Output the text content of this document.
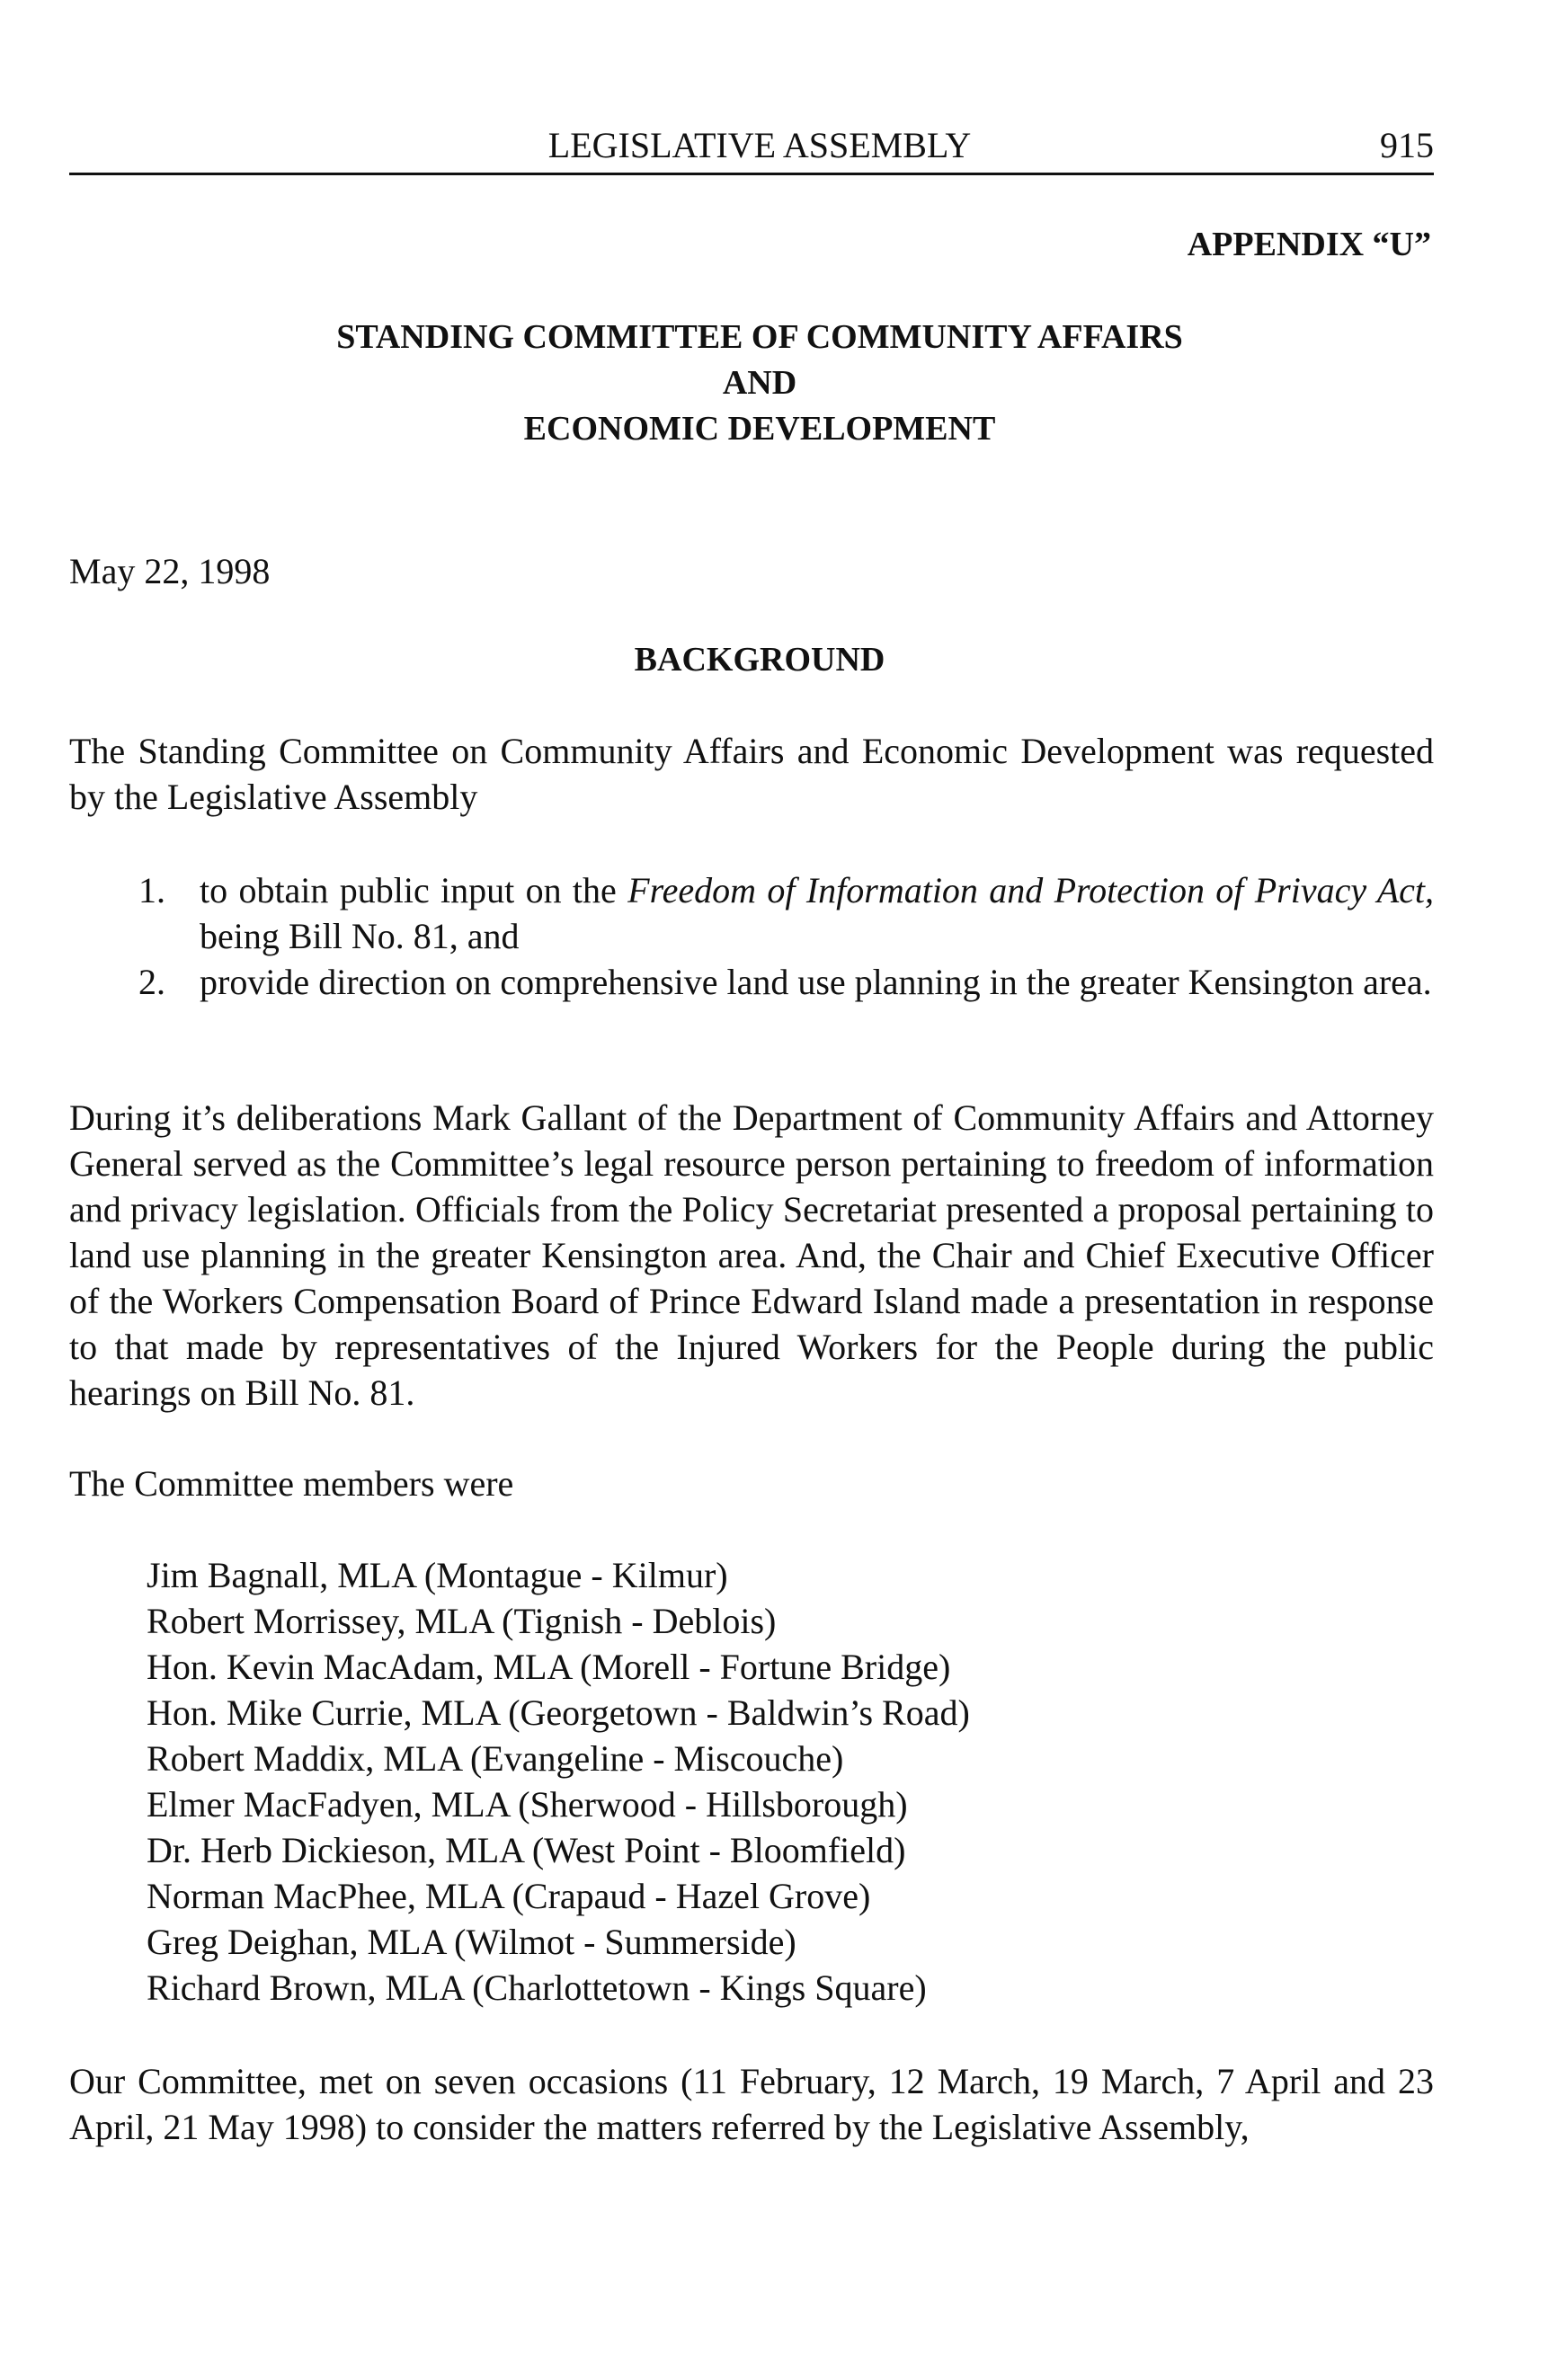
LEGISLATIVE ASSEMBLY	915
APPENDIX “U”
STANDING COMMITTEE OF COMMUNITY AFFAIRS
AND
ECONOMIC DEVELOPMENT
May 22, 1998
BACKGROUND
The Standing Committee on Community Affairs and Economic Development was requested by the Legislative Assembly
1. to obtain public input on the Freedom of Information and Protection of Privacy Act, being Bill No. 81, and
2. provide direction on comprehensive land use planning in the greater Kensington area.
During it’s deliberations Mark Gallant of the Department of Community Affairs and Attorney General served as the Committee’s legal resource person pertaining to freedom of information and privacy legislation. Officials from the Policy Secretariat presented a proposal pertaining to land use planning in the greater Kensington area. And, the Chair and Chief Executive Officer of the Workers Compensation Board of Prince Edward Island made a presentation in response to that made by representatives of the Injured Workers for the People during the public hearings on Bill No. 81.
The Committee members were
Jim Bagnall, MLA (Montague - Kilmur)
Robert Morrissey, MLA (Tignish - Deblois)
Hon. Kevin MacAdam, MLA (Morell - Fortune Bridge)
Hon. Mike Currie, MLA (Georgetown - Baldwin’s Road)
Robert Maddix, MLA (Evangeline - Miscouche)
Elmer MacFadyen, MLA (Sherwood - Hillsborough)
Dr. Herb Dickieson, MLA (West Point - Bloomfield)
Norman MacPhee, MLA (Crapaud - Hazel Grove)
Greg Deighan, MLA (Wilmot - Summerside)
Richard Brown, MLA (Charlottetown - Kings Square)
Our Committee, met on seven occasions (11 February, 12 March, 19 March, 7 April and 23 April, 21 May 1998) to consider the matters referred by the Legislative Assembly,
